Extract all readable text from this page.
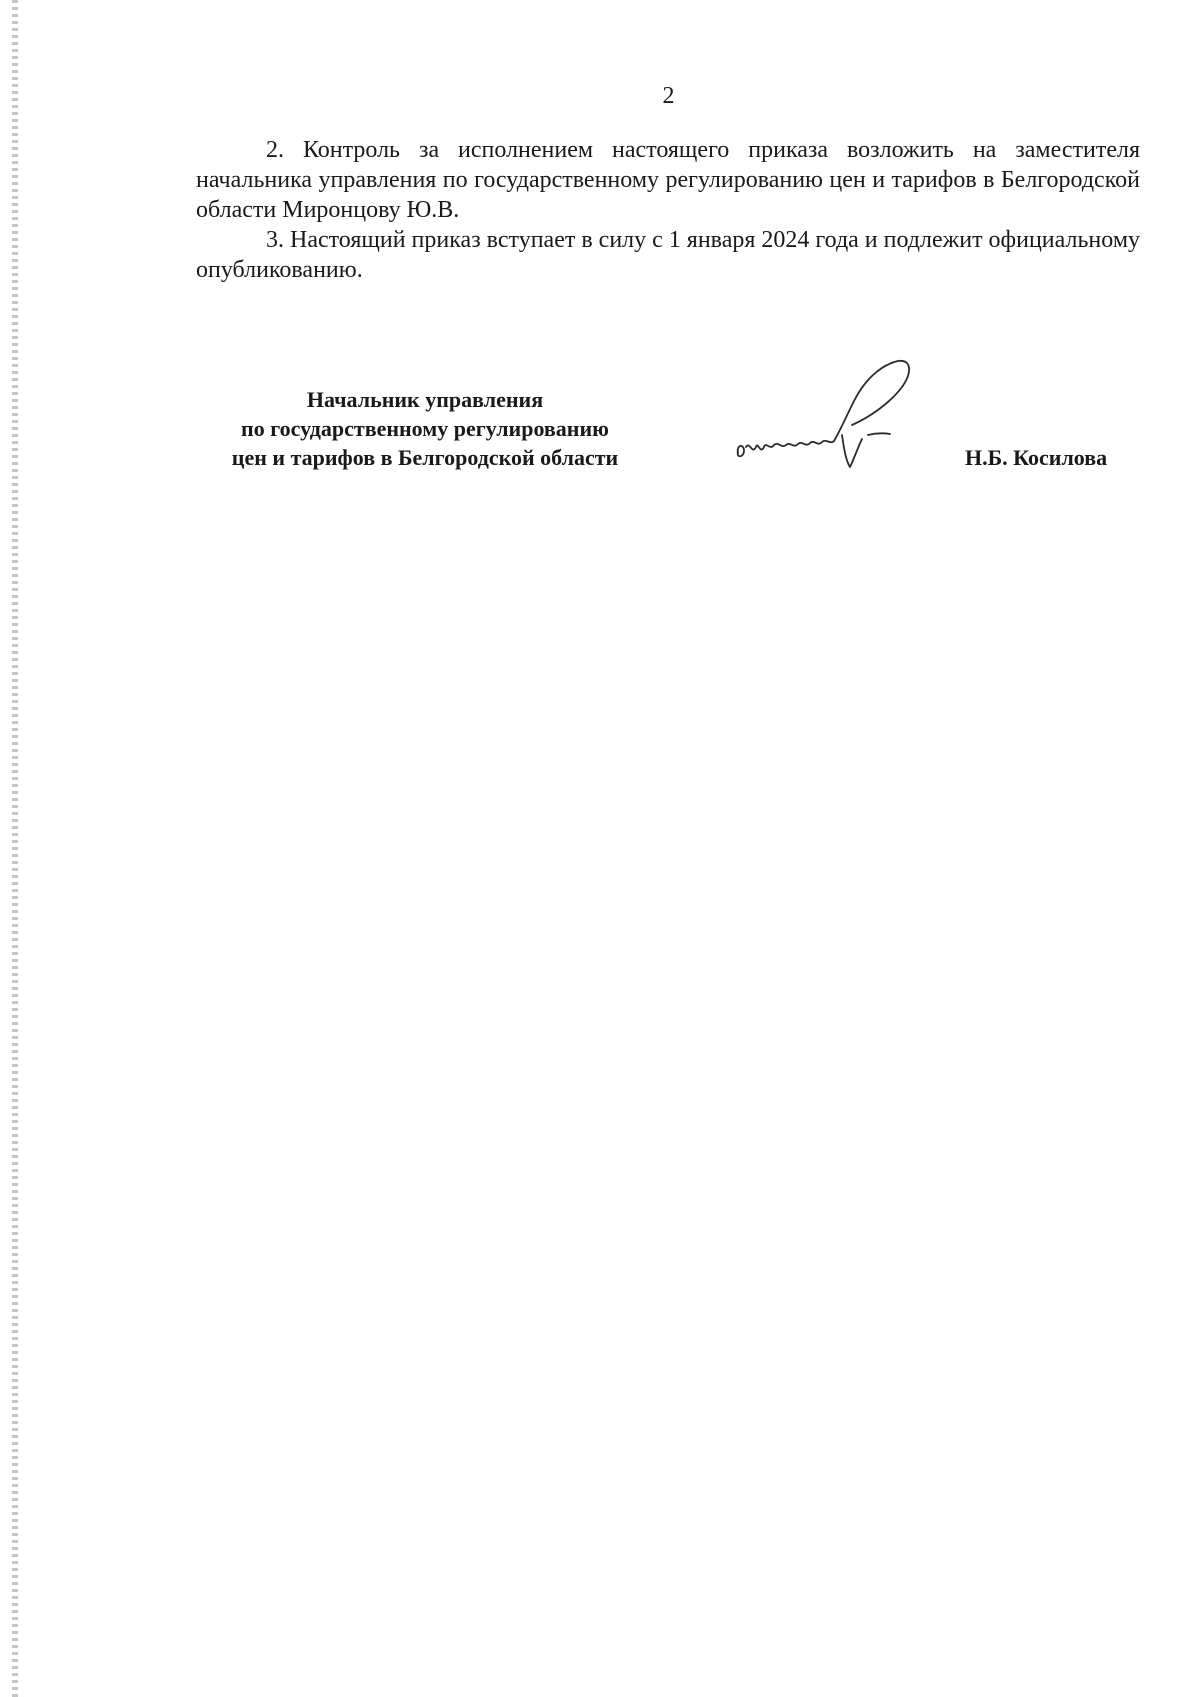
2

2. Контроль за исполнением настоящего приказа возложить на заместителя начальника управления по государственному регулированию цен и тарифов в Белгородской области Миронцову Ю.В.

3. Настоящий приказ вступает в силу с 1 января 2024 года и подлежит официальному опубликованию.

Начальник управления
по государственному регулированию
цен и тарифов в Белгородской области	Н.Б. Косилова
